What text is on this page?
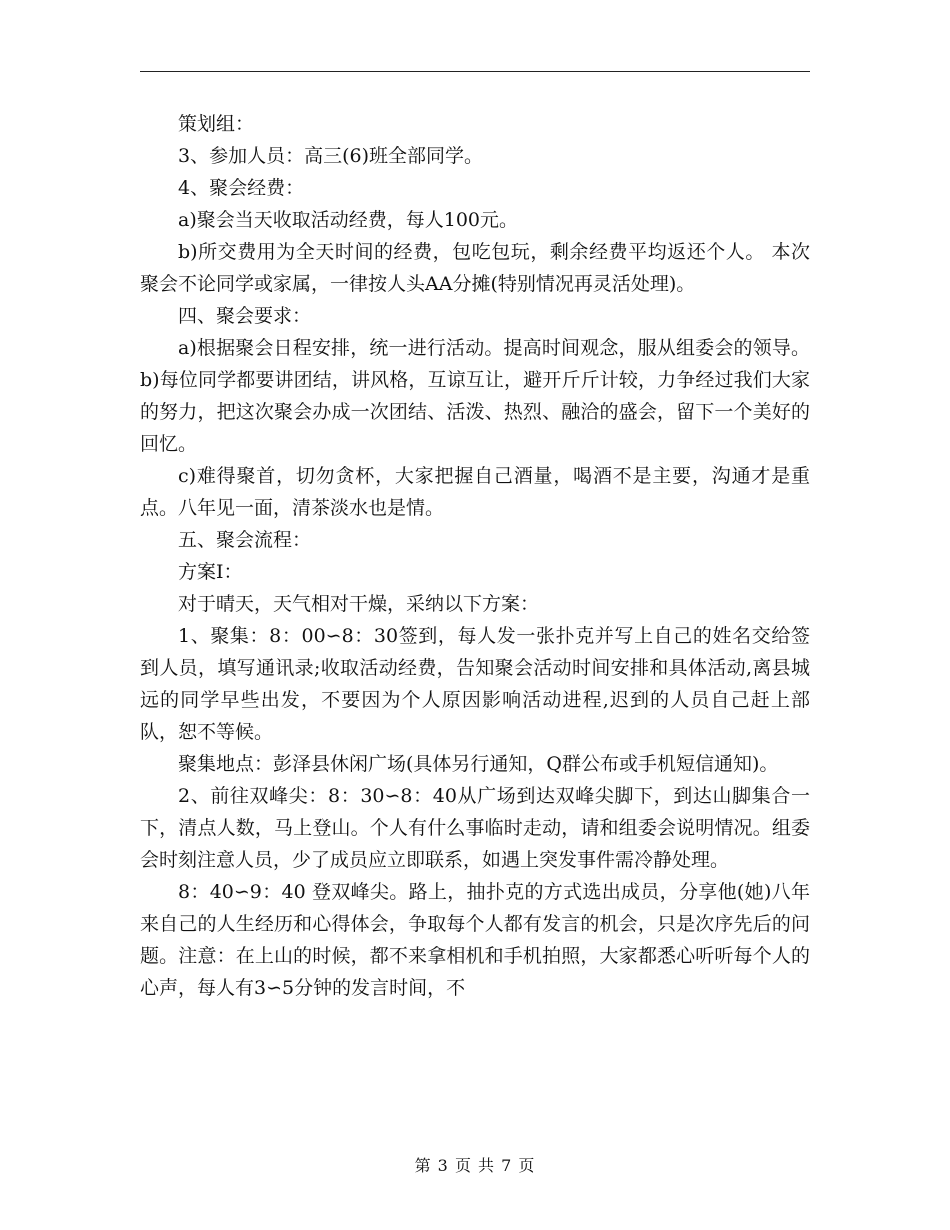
策划组：

3、参加人员：高三(6)班全部同学。

4、聚会经费：

a)聚会当天收取活动经费，每人100元。

b)所交费用为全天时间的经费，包吃包玩，剩余经费平均返还个人。 本次聚会不论同学或家属，一律按人头AA分摊(特别情况再灵活处理)。

四、聚会要求：

a)根据聚会日程安排，统一进行活动。提高时间观念，服从组委会的领导。 b)每位同学都要讲团结，讲风格，互谅互让，避开斤斤计较，力争经过我们大家的努力，把这次聚会办成一次团结、活泼、热烈、融洽的盛会，留下一个美好的回忆。

c)难得聚首，切勿贪杯，大家把握自己酒量，喝酒不是主要，沟通才是重点。八年见一面，清茶淡水也是情。

五、聚会流程：

方案Ⅰ：

对于晴天，天气相对干燥，采纳以下方案：

1、聚集：8：00∽8：30签到，每人发一张扑克并写上自己的姓名交给签到人员，填写通讯录;收取活动经费，告知聚会活动时间安排和具体活动,离县城远的同学早些出发，不要因为个人原因影响活动进程,迟到的人员自己赶上部队，恕不等候。

聚集地点：彭泽县休闲广场(具体另行通知，Q群公布或手机短信通知)。

2、前往双峰尖：8：30∽8：40从广场到达双峰尖脚下，到达山脚集合一下，清点人数，马上登山。个人有什么事临时走动，请和组委会说明情况。组委会时刻注意人员，少了成员应立即联系，如遇上突发事件需冷静处理。

8：40∽9：40 登双峰尖。路上，抽扑克的方式选出成员，分享他(她)八年来自己的人生经历和心得体会，争取每个人都有发言的机会，只是次序先后的问题。注意：在上山的时候，都不来拿相机和手机拍照，大家都悉心听听每个人的心声，每人有3∽5分钟的发言时间，不

第 3 页 共 7 页
